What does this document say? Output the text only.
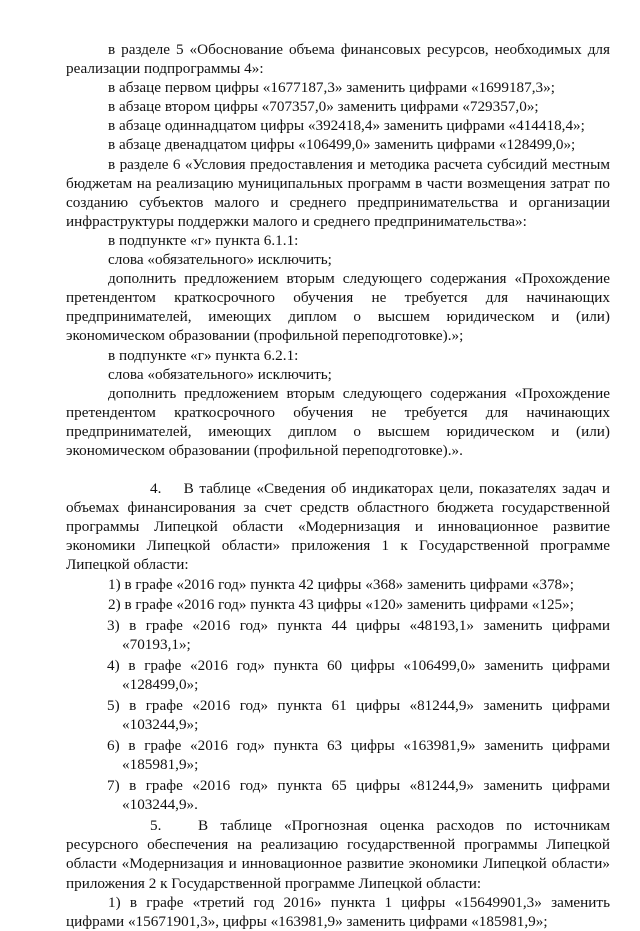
в разделе 5 «Обоснование объема финансовых ресурсов, необходимых для реализации подпрограммы 4»:

в абзаце первом цифры «1677187,3» заменить цифрами «1699187,3»;

в абзаце втором цифры «707357,0» заменить цифрами «729357,0»;

в абзаце одиннадцатом цифры «392418,4» заменить цифрами «414418,4»;

в абзаце двенадцатом цифры «106499,0» заменить цифрами «128499,0»;

в разделе 6 «Условия предоставления и методика расчета субсидий местным бюджетам на реализацию муниципальных программ в части возмещения затрат по созданию субъектов малого и среднего предпринимательства и организации инфраструктуры поддержки малого и среднего предпринимательства»:

в подпункте «г» пункта 6.1.1:

слова «обязательного» исключить;

дополнить предложением вторым следующего содержания «Прохождение претендентом краткосрочного обучения не требуется для начинающих предпринимателей, имеющих диплом о высшем юридическом и (или) экономическом образовании (профильной переподготовке).»;

в подпункте «г» пункта 6.2.1:

слова «обязательного» исключить;

дополнить предложением вторым следующего содержания «Прохождение претендентом краткосрочного обучения не требуется для начинающих предпринимателей, имеющих диплом о высшем юридическом и (или) экономическом образовании (профильной переподготовке).».

4. В таблице «Сведения об индикаторах цели, показателях задач и объемах финансирования за счет средств областного бюджета государственной программы Липецкой области «Модернизация и инновационное развитие экономики Липецкой области» приложения 1 к Государственной программе Липецкой области:

1) в графе «2016 год» пункта 42 цифры «368» заменить цифрами «378»;
2) в графе «2016 год» пункта 43 цифры «120» заменить цифрами «125»;
3) в графе «2016 год» пункта 44 цифры «48193,1» заменить цифрами «70193,1»;
4) в графе «2016 год» пункта 60 цифры «106499,0» заменить цифрами «128499,0»;
5) в графе «2016 год» пункта 61 цифры «81244,9» заменить цифрами «103244,9»;
6) в графе «2016 год» пункта 63 цифры «163981,9» заменить цифрами «185981,9»;
7) в графе «2016 год» пункта 65 цифры «81244,9» заменить цифрами «103244,9».

5. В таблице «Прогнозная оценка расходов по источникам ресурсного обеспечения на реализацию государственной программы Липецкой области «Модернизация и инновационное развитие экономики Липецкой области» приложения 2 к Государственной программе Липецкой области:

1) в графе «третий год 2016» пункта 1 цифры «15649901,3» заменить цифрами «15671901,3», цифры «163981,9» заменить цифрами «185981,9»;
